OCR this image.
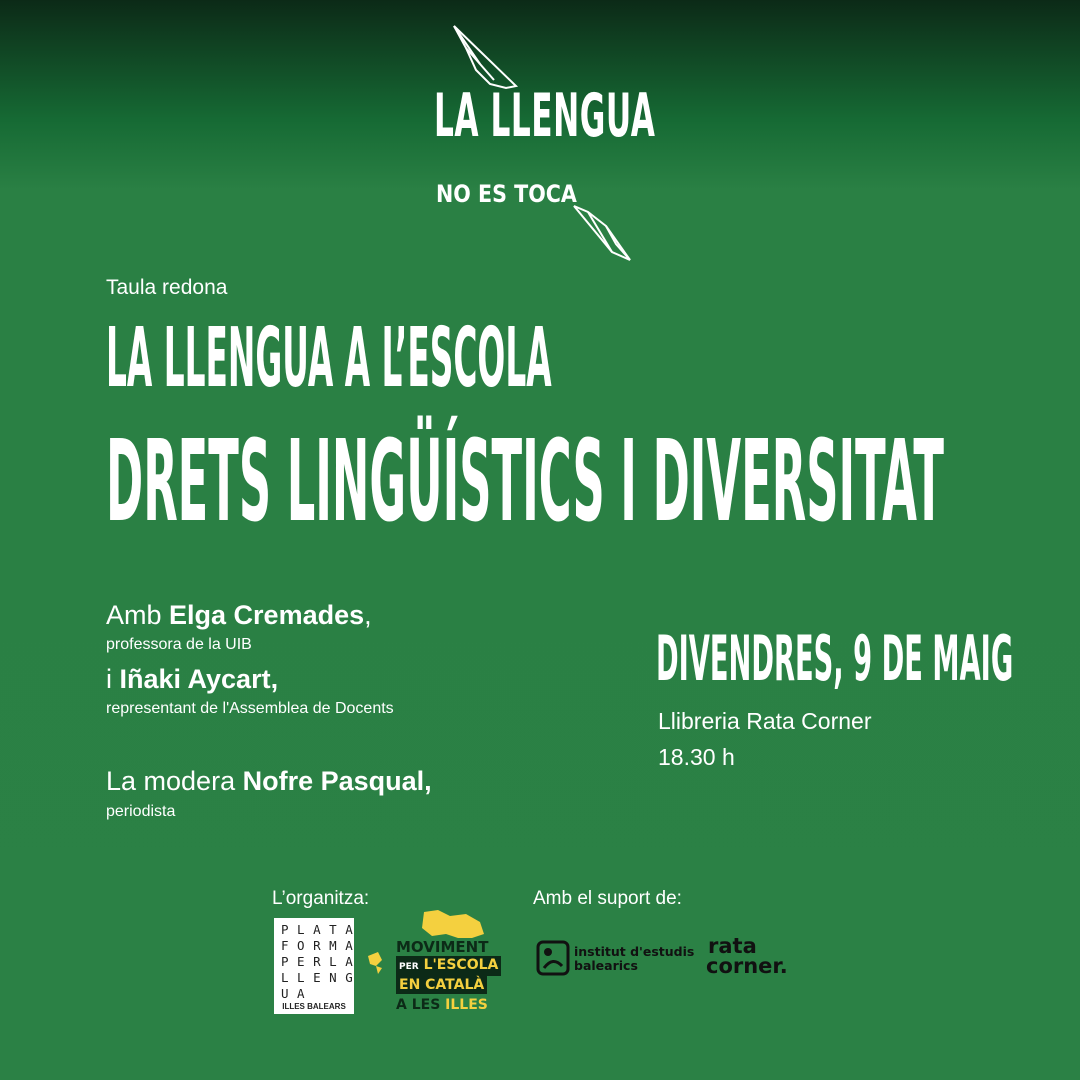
LA LLENGUA
NO ES TOCA
Taula redona
LA LLENGUA A L’ESCOLA
DRETS LINGÜÍSTICS I DIVERSITAT
Amb Elga Cremades,
professora de la UIB
i Iñaki Aycart,
representant de l'Assemblea de Docents
La modera Nofre Pasqual,
periodista
DIVENDRES, 9 DE MAIG
Llibreria Rata Corner
18.30 h
L’organitza:	Amb el suport de:
P L A T A
F O R M A
P E R L A
L L E N G U A
ILLES BALEARS
MOVIMENT
PER L'ESCOLA
EN CATALÀ
A LES ILLES
institut d'estudis
balearics
rata
corner.
